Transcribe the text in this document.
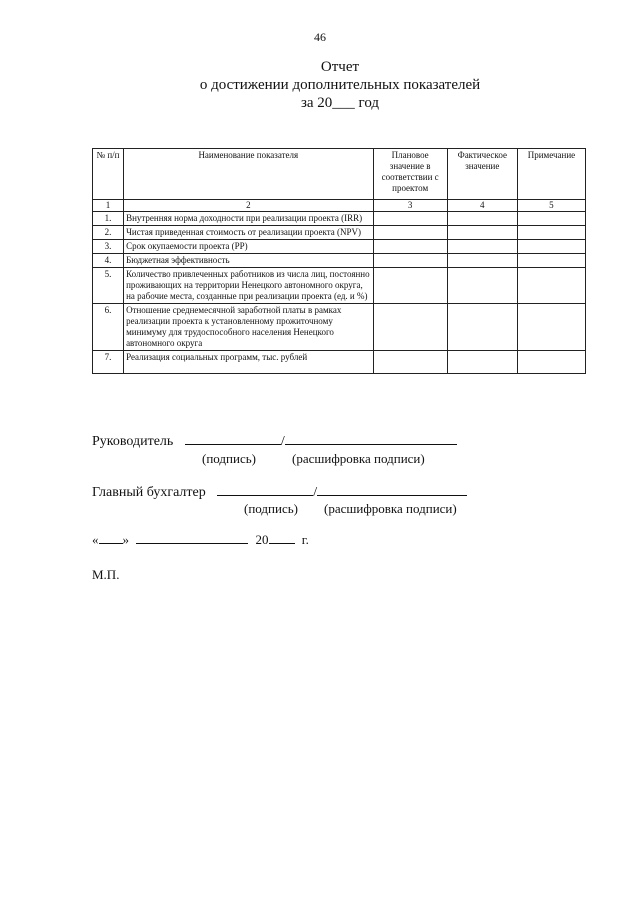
46
Отчет
о достижении дополнительных показателей
за 20___ год
№ п/п	Наименование показателя	Плановое значение в соответствии с проектом	Фактическое значение	Примечание
1	2	3	4	5
1.	Внутренняя норма доходности при реализации проекта (IRR)			
2.	Чистая приведенная стоимость от реализации проекта (NPV)			
3.	Срок окупаемости проекта (PP)			
4.	Бюджетная эффективность			
5.	Количество привлеченных работников из числа лиц, постоянно проживающих на территории Ненецкого автономного округа, на рабочие места, созданные при реализации проекта (ед. и %)			
6.	Отношение среднемесячной заработной платы в рамках реализации проекта к установленному прожиточному минимуму для трудоспособного населения Ненецкого автономного округа			
7.	Реализация социальных программ, тыс. рублей			
Руководитель	/
(подпись)	(расшифровка подписи)
Главный бухгалтер	/
(подпись) (расшифровка подписи)
« »	20	г.
М.П.
